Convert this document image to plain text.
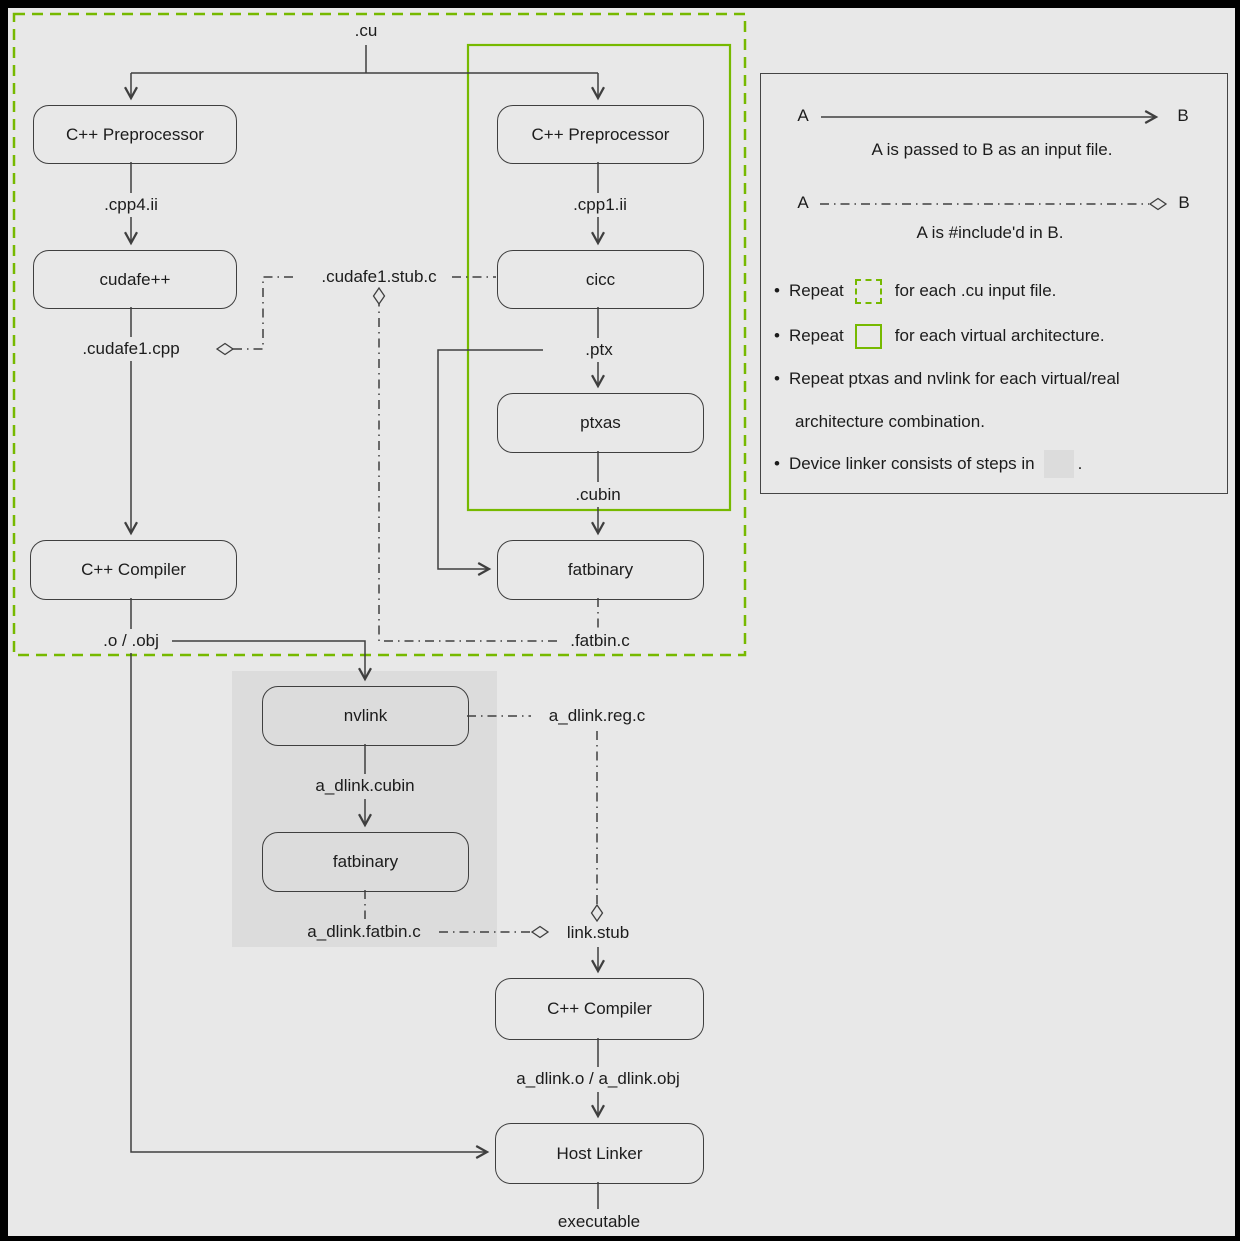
C++ Preprocessor
cudafe++
C++ Compiler
C++ Preprocessor
cicc
ptxas
fatbinary
nvlink
fatbinary
C++ Compiler
Host Linker
.cu
.cpp4.ii
.cudafe1.cpp
.cudafe1.stub.c
.cpp1.ii
.ptx
.cubin
.fatbin.c
.o / .obj
a_dlink.reg.c
a_dlink.cubin
a_dlink.fatbin.c	link.stub
a_dlink.o / a_dlink.obj
executable
A	B
A is passed to B as an input file.
A	B
A is #include'd in B.
• Repeat	for each .cu input file.
• Repeat	for each virtual architecture.
• Repeat ptxas and nvlink for each virtual/real
architecture combination.
• Device linker consists of steps in	.
